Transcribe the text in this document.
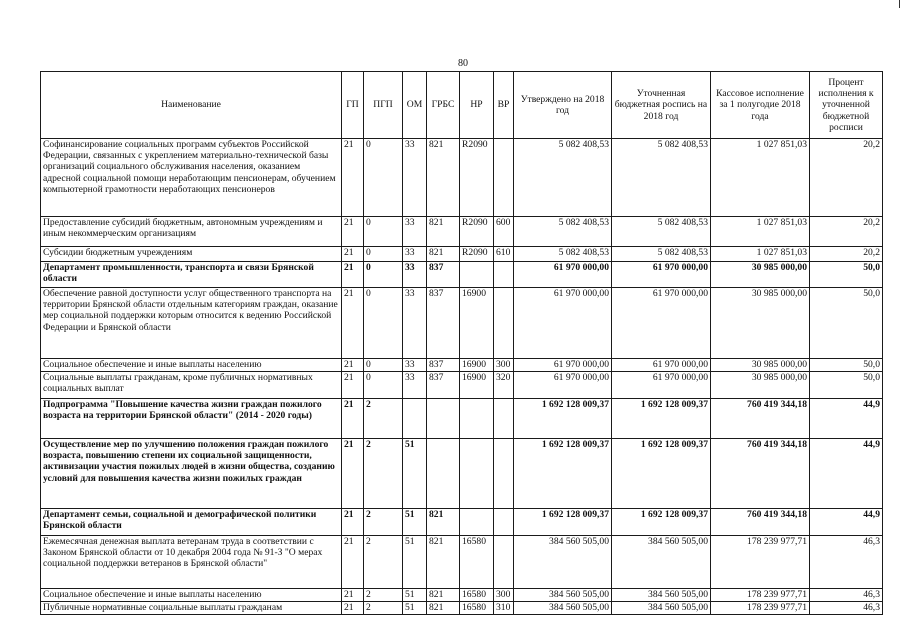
80
Наименование	ГП	ПГП	ОМ	ГРБС	НР	ВР	Утверждено на 2018 год	Уточненная бюджетная роспись на 2018 год	Кассовое исполнение за 1 полугодие 2018 года	Процент исполнения к уточненной бюджетной росписи
Софинансирование социальных программ субъектов Российской Федерации, связанных с укреплением материально-технической базы организаций социального обслуживания населения, оказанием адресной социальной помощи неработающим пенсионерам, обучением компьютерной грамотности неработающих пенсионеров	21	0	33	821	R2090		5 082 408,53	5 082 408,53	1 027 851,03	20,2
Предоставление субсидий бюджетным, автономным учреждениям и иным некоммерческим организациям	21	0	33	821	R2090	600	5 082 408,53	5 082 408,53	1 027 851,03	20,2
Субсидии бюджетным учреждениям	21	0	33	821	R2090	610	5 082 408,53	5 082 408,53	1 027 851,03	20,2
Департамент промышленности, транспорта и связи Брянской области	21	0	33	837			61 970 000,00	61 970 000,00	30 985 000,00	50,0
Обеспечение равной доступности услуг общественного транспорта на территории Брянской области отдельным категориям граждан, оказание мер социальной поддержки которым относится к ведению Российской Федерации и Брянской области	21	0	33	837	16900		61 970 000,00	61 970 000,00	30 985 000,00	50,0
Социальное обеспечение и иные выплаты населению	21	0	33	837	16900	300	61 970 000,00	61 970 000,00	30 985 000,00	50,0
Социальные выплаты гражданам, кроме публичных нормативных социальных выплат	21	0	33	837	16900	320	61 970 000,00	61 970 000,00	30 985 000,00	50,0
Подпрограмма "Повышение качества жизни граждан пожилого возраста на территории Брянской области" (2014 - 2020 годы)	21	2					1 692 128 009,37	1 692 128 009,37	760 419 344,18	44,9
Осуществление мер по улучшению положения граждан пожилого возраста, повышению степени их социальной защищенности, активизации участия пожилых людей в жизни общества, созданию условий для повышения качества жизни пожилых граждан	21	2	51				1 692 128 009,37	1 692 128 009,37	760 419 344,18	44,9
Департамент семьи, социальной и демографической политики Брянской области	21	2	51	821			1 692 128 009,37	1 692 128 009,37	760 419 344,18	44,9
Ежемесячная денежная выплата ветеранам труда в соответствии с Законом Брянской области от 10 декабря 2004 года № 91-З "О мерах социальной поддержки ветеранов в Брянской области"	21	2	51	821	16580		384 560 505,00	384 560 505,00	178 239 977,71	46,3
Социальное обеспечение и иные выплаты населению	21	2	51	821	16580	300	384 560 505,00	384 560 505,00	178 239 977,71	46,3
Публичные нормативные социальные выплаты гражданам	21	2	51	821	16580	310	384 560 505,00	384 560 505,00	178 239 977,71	46,3
